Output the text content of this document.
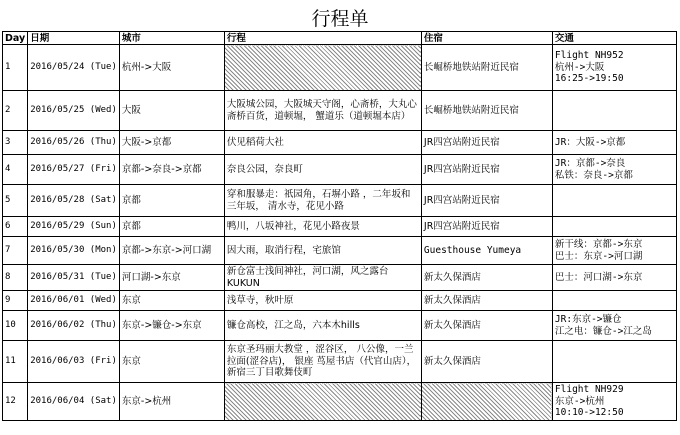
行程单
Day	日期	城市	行程	住宿	交通
1	2016/05/24 (Tue)	杭州->大阪		长崛桥地铁站附近民宿	Flight NH952
杭州->大阪
16:25->19:50

2	2016/05/25 (Wed)	大阪	大阪城公园，大阪城天守阁，心斋桥，大丸心斋桥百货，道顿堀， 蟹道乐（道顿堀本店）	长崛桥地铁站附近民宿	
3	2016/05/26 (Thu)	大阪->京都	伏见稻荷大社	JR四宫站附近民宿	JR：大阪->京都

4	2016/05/27 (Fri)	京都->奈良->京都	奈良公园，奈良町	JR四宫站附近民宿	JR：京都->奈良
私铁：奈良->京都

5	2016/05/28 (Sat)	京都	穿和服暴走：祇园角，石塀小路 ，二年坂和三年坂， 清水寺，花见小路	JR四宫站附近民宿	
6	2016/05/29 (Sun)	京都	鸭川，八坂神社，花见小路夜景	JR四宫站附近民宿	
7	2016/05/30 (Mon)	京都->东京->河口湖	因大雨，取消行程，宅旅馆	Guesthouse Yumeya	新干线：京都->东京
巴士：东京->河口湖

8	2016/05/31 (Tue)	河口湖->东京	新仓富士浅间神社，河口湖，风之露台KUKUN	新太久保酒店	巴士：河口湖->东京

9	2016/06/01 (Wed)	东京	浅草寺，秋叶原	新太久保酒店	
10	2016/06/02 (Thu)	东京->镰仓->东京	镰仓高校，江之岛，六本木hills	新太久保酒店	JR:东京->镰仓
江之电：镰仓->江之岛

11	2016/06/03 (Fri)	东京	东京圣玛丽大教堂 ，涩谷区， 八公像，一兰拉面(涩谷店)， 银座 茑屋书店（代官山店），新宿三丁目歌舞伎町	新太久保酒店	
12	2016/06/04 (Sat)	东京->杭州			Flight NH929
东京->杭州
10:10->12:50
